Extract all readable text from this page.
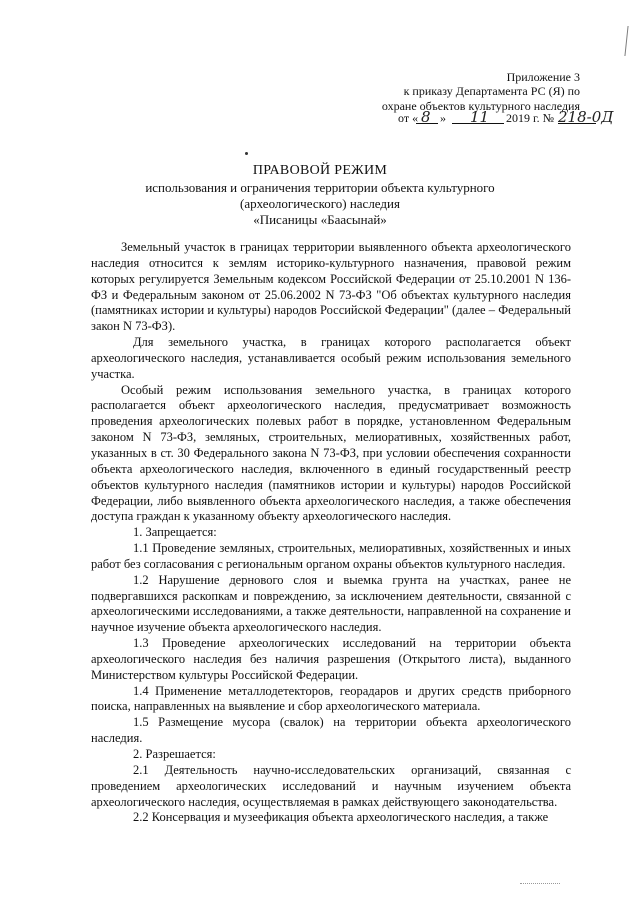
Приложение 3
к приказу Департамента РС (Я) по
охране объектов культурного наследия
от « 8 » 11 2019 г. № 218-0Д
ПРАВОВОЙ РЕЖИМ
использования и ограничения территории объекта культурного
(археологического) наследия
«Писаницы «Баасынай»

Земельный участок в границах территории выявленного объекта археологического наследия относится к землям историко-культурного назначения, правовой режим которых регулируется Земельным кодексом Российской Федерации от 25.10.2001 N 136-ФЗ и Федеральным законом от 25.06.2002 N 73-ФЗ "Об объектах культурного наследия (памятниках истории и культуры) народов Российской Федерации" (далее – Федеральный закон N 73-ФЗ).

Для земельного участка, в границах которого располагается объект археологического наследия, устанавливается особый режим использования земельного участка.

Особый режим использования земельного участка, в границах которого располагается объект археологического наследия, предусматривает возможность проведения археологических полевых работ в порядке, установленном Федеральным законом N 73-ФЗ, земляных, строительных, мелиоративных, хозяйственных работ, указанных в ст. 30 Федерального закона N 73-ФЗ, при условии обеспечения сохранности объекта археологического наследия, включенного в единый государственный реестр объектов культурного наследия (памятников истории и культуры) народов Российской Федерации, либо выявленного объекта археологического наследия, а также обеспечения доступа граждан к указанному объекту археологического наследия.

1. Запрещается:

1.1 Проведение земляных, строительных, мелиоративных, хозяйственных и иных работ без согласования с региональным органом охраны объектов культурного наследия.

1.2 Нарушение дернового слоя и выемка грунта на участках, ранее не подвергавшихся раскопкам и повреждению, за исключением деятельности, связанной с археологическими исследованиями, а также деятельности, направленной на сохранение и научное изучение объекта археологического наследия.

1.3 Проведение археологических исследований на территории объекта археологического наследия без наличия разрешения (Открытого листа), выданного Министерством культуры Российской Федерации.

1.4 Применение металлодетекторов, георадаров и других средств приборного поиска, направленных на выявление и сбор археологического материала.

1.5 Размещение мусора (свалок) на территории объекта археологического наследия.

2. Разрешается:

2.1 Деятельность научно-исследовательских организаций, связанная с проведением археологических исследований и научным изучением объекта археологического наследия, осуществляемая в рамках действующего законодательства.

2.2 Консервация и музеефикация объекта археологического наследия, а также
